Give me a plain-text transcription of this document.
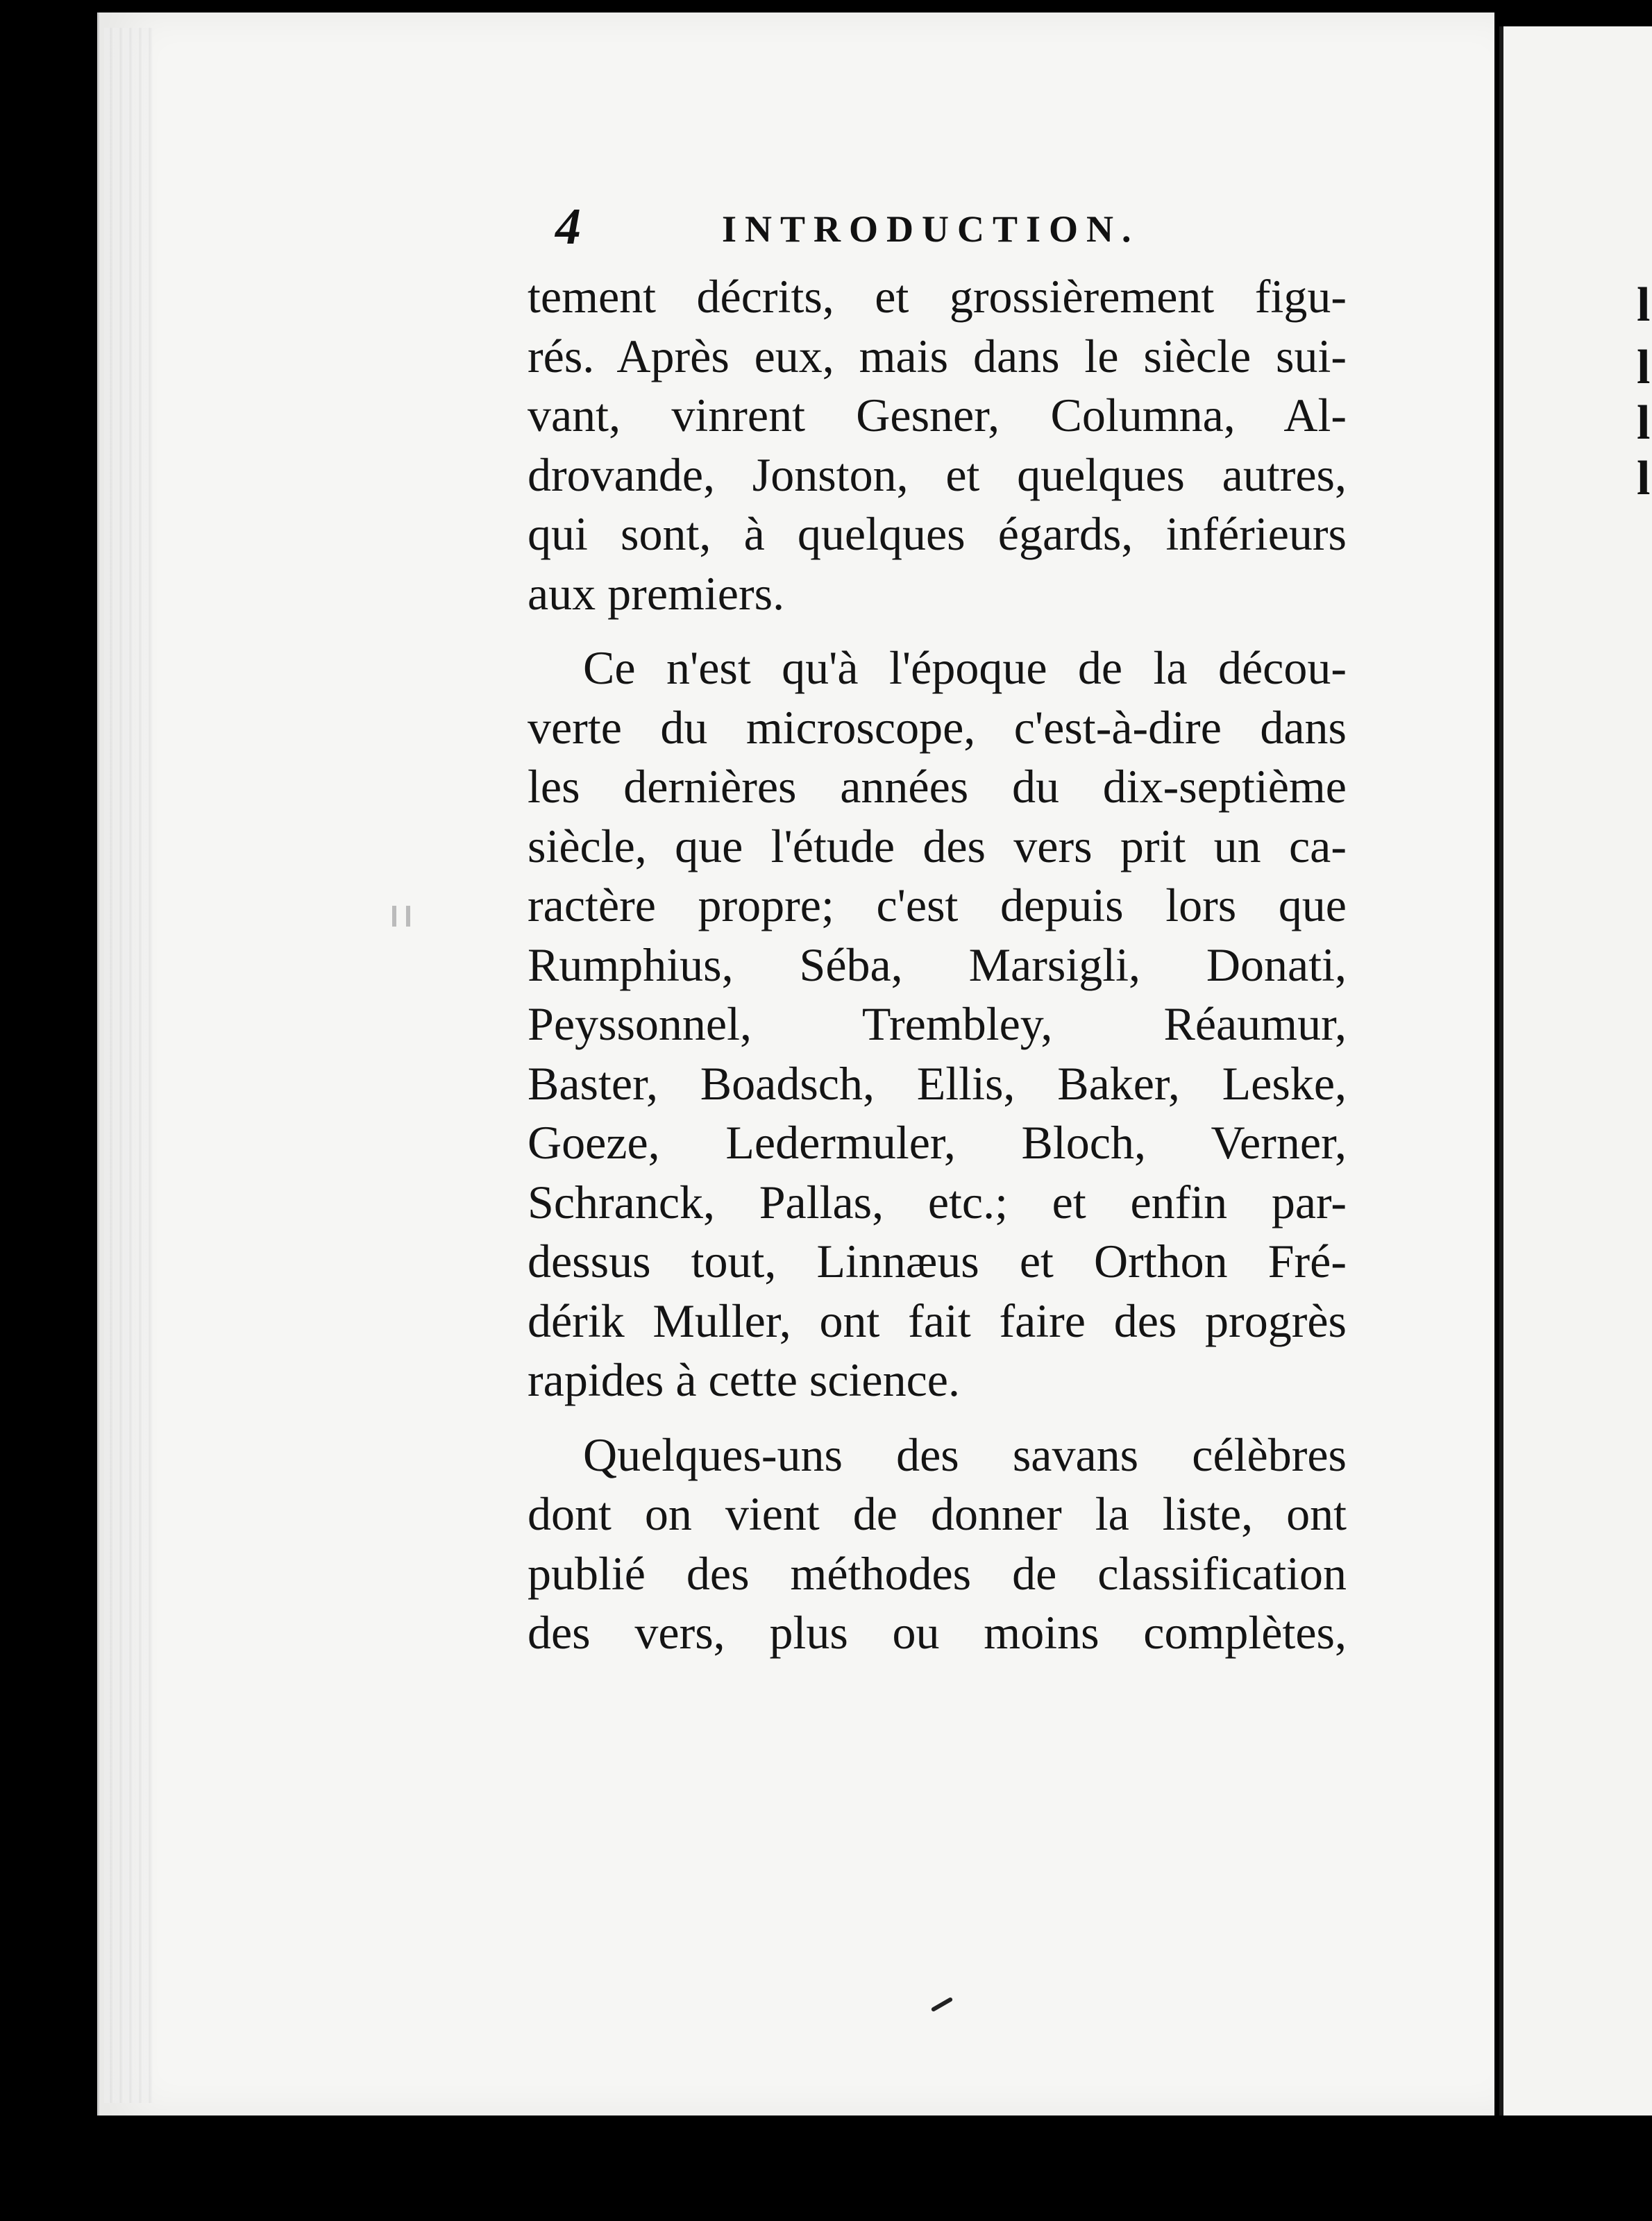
l
l
l
l
4	INTRODUCTION.
tement décrits, et grossièrement figu-
rés. Après eux, mais dans le siècle sui-
vant, vinrent Gesner, Columna, Al-
drovande, Jonston, et quelques autres,
qui sont, à quelques égards, inférieurs
aux premiers.
Ce n'est qu'à l'époque de la décou-
verte du microscope, c'est-à-dire dans
les dernières années du dix-septième
siècle, que l'étude des vers prit un ca-
ractère propre; c'est depuis lors que
Rumphius, Séba, Marsigli, Donati,
Peyssonnel, Trembley, Réaumur,
Baster, Boadsch, Ellis, Baker, Leske,
Goeze, Ledermuler, Bloch, Verner,
Schranck, Pallas, etc.; et enfin par-
dessus tout, Linnæus et Orthon Fré-
dérik Muller, ont fait faire des progrès
rapides à cette science.
Quelques-uns des savans célèbres
dont on vient de donner la liste, ont
publié des méthodes de classification
des vers, plus ou moins complètes,
